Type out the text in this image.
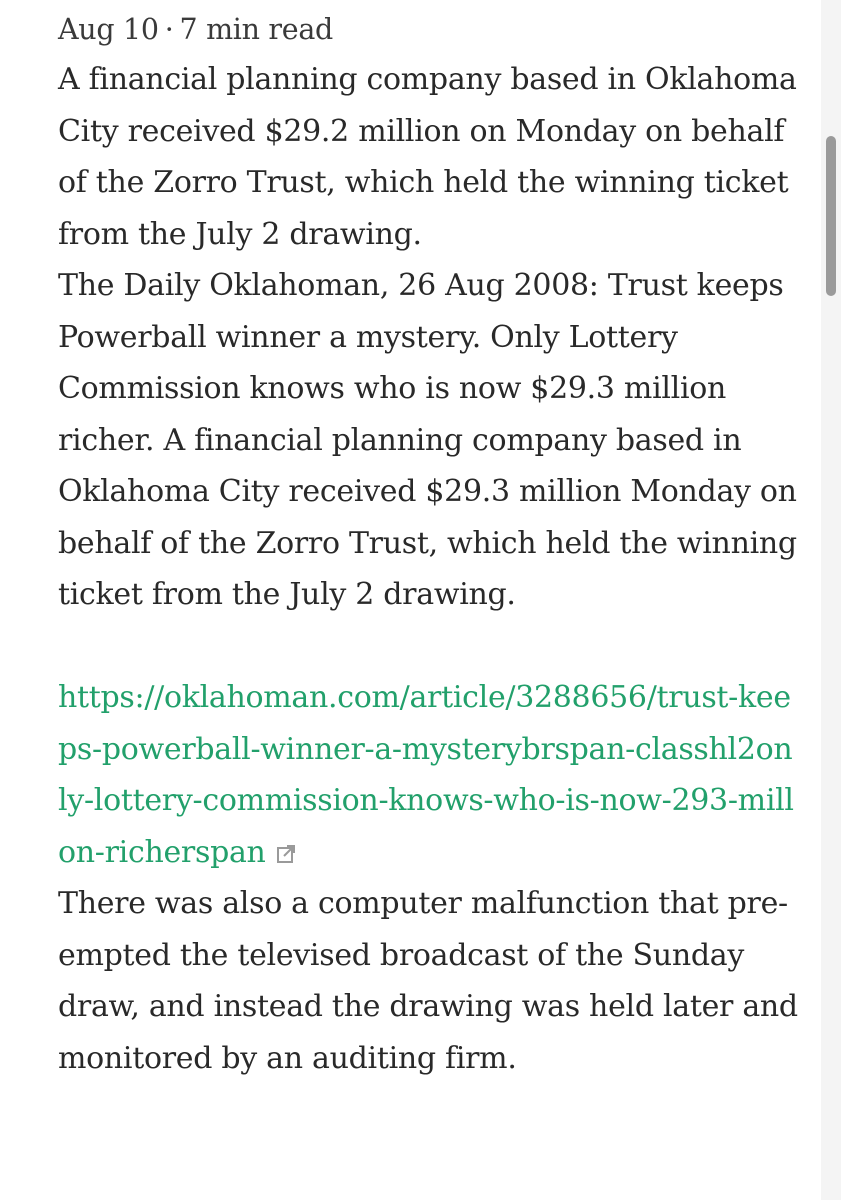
Aug 10 · 7 min read

A financial planning company based in Oklahoma City received $29.2 million on Monday on behalf of the Zorro Trust, which held the winning ticket from the July 2 drawing.

The Daily Oklahoman, 26 Aug 2008: Trust keeps Powerball winner a mystery. Only Lottery Commission knows who is now $29.3 million richer. A financial planning company based in Oklahoma City received $29.3 million Monday on behalf of the Zorro Trust, which held the winning ticket from the July 2 drawing.

https://oklahoman.com/article/3288656/trust-keeps-powerball-winner-a-mysterybrspan-classhl2only-lottery-commission-knows-who-is-now-293-millon-richerspan

There was also a computer malfunction that pre-empted the televised broadcast of the Sunday draw, and instead the drawing was held later and monitored by an auditing firm.
